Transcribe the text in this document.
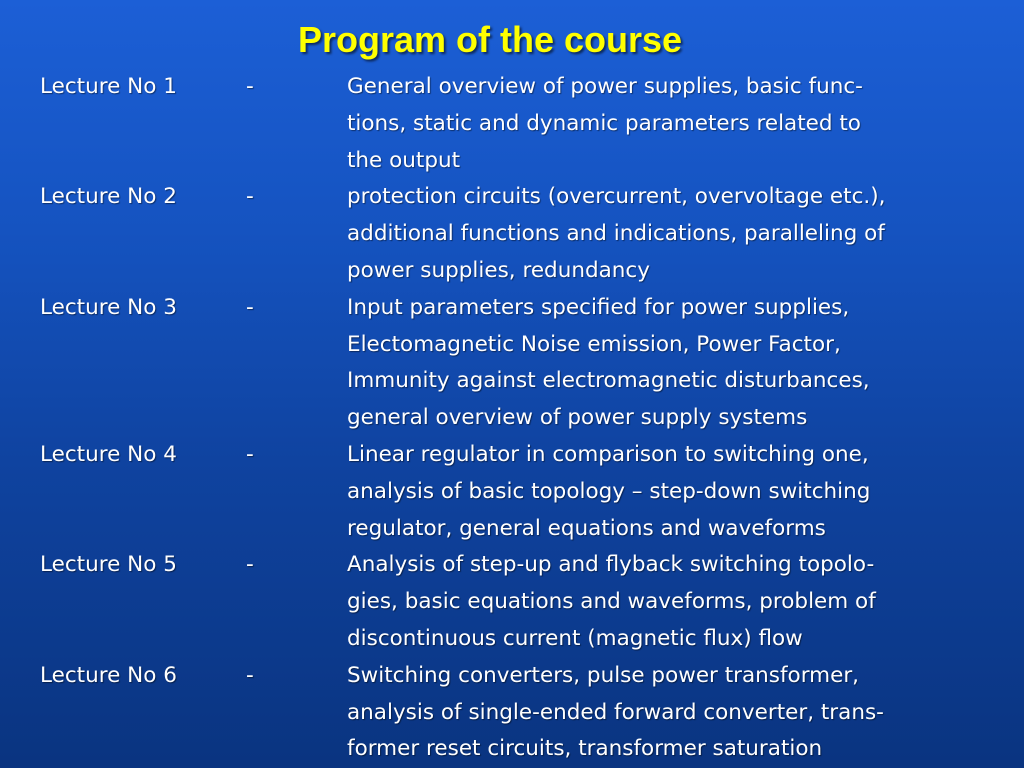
Program of the course
Lecture No 1	-	General overview of power supplies, basic func-
tions, static and dynamic parameters related to
the output
Lecture No 2	-	protection circuits (overcurrent, overvoltage etc.),
additional functions and indications, paralleling of
power supplies, redundancy
Lecture No 3	-	Input parameters specified for power supplies,
Electomagnetic Noise emission, Power Factor,
Immunity against electromagnetic disturbances,
general overview of power supply systems
Lecture No 4	-	Linear regulator in comparison to switching one,
analysis of basic topology – step-down switching
regulator, general equations and waveforms
Lecture No 5	-	Analysis of step-up and flyback switching topolo-
gies, basic equations and waveforms, problem of
discontinuous current (magnetic flux) flow
Lecture No 6	-	Switching converters, pulse power transformer,
analysis of single-ended forward converter, trans-
former reset circuits, transformer saturation
